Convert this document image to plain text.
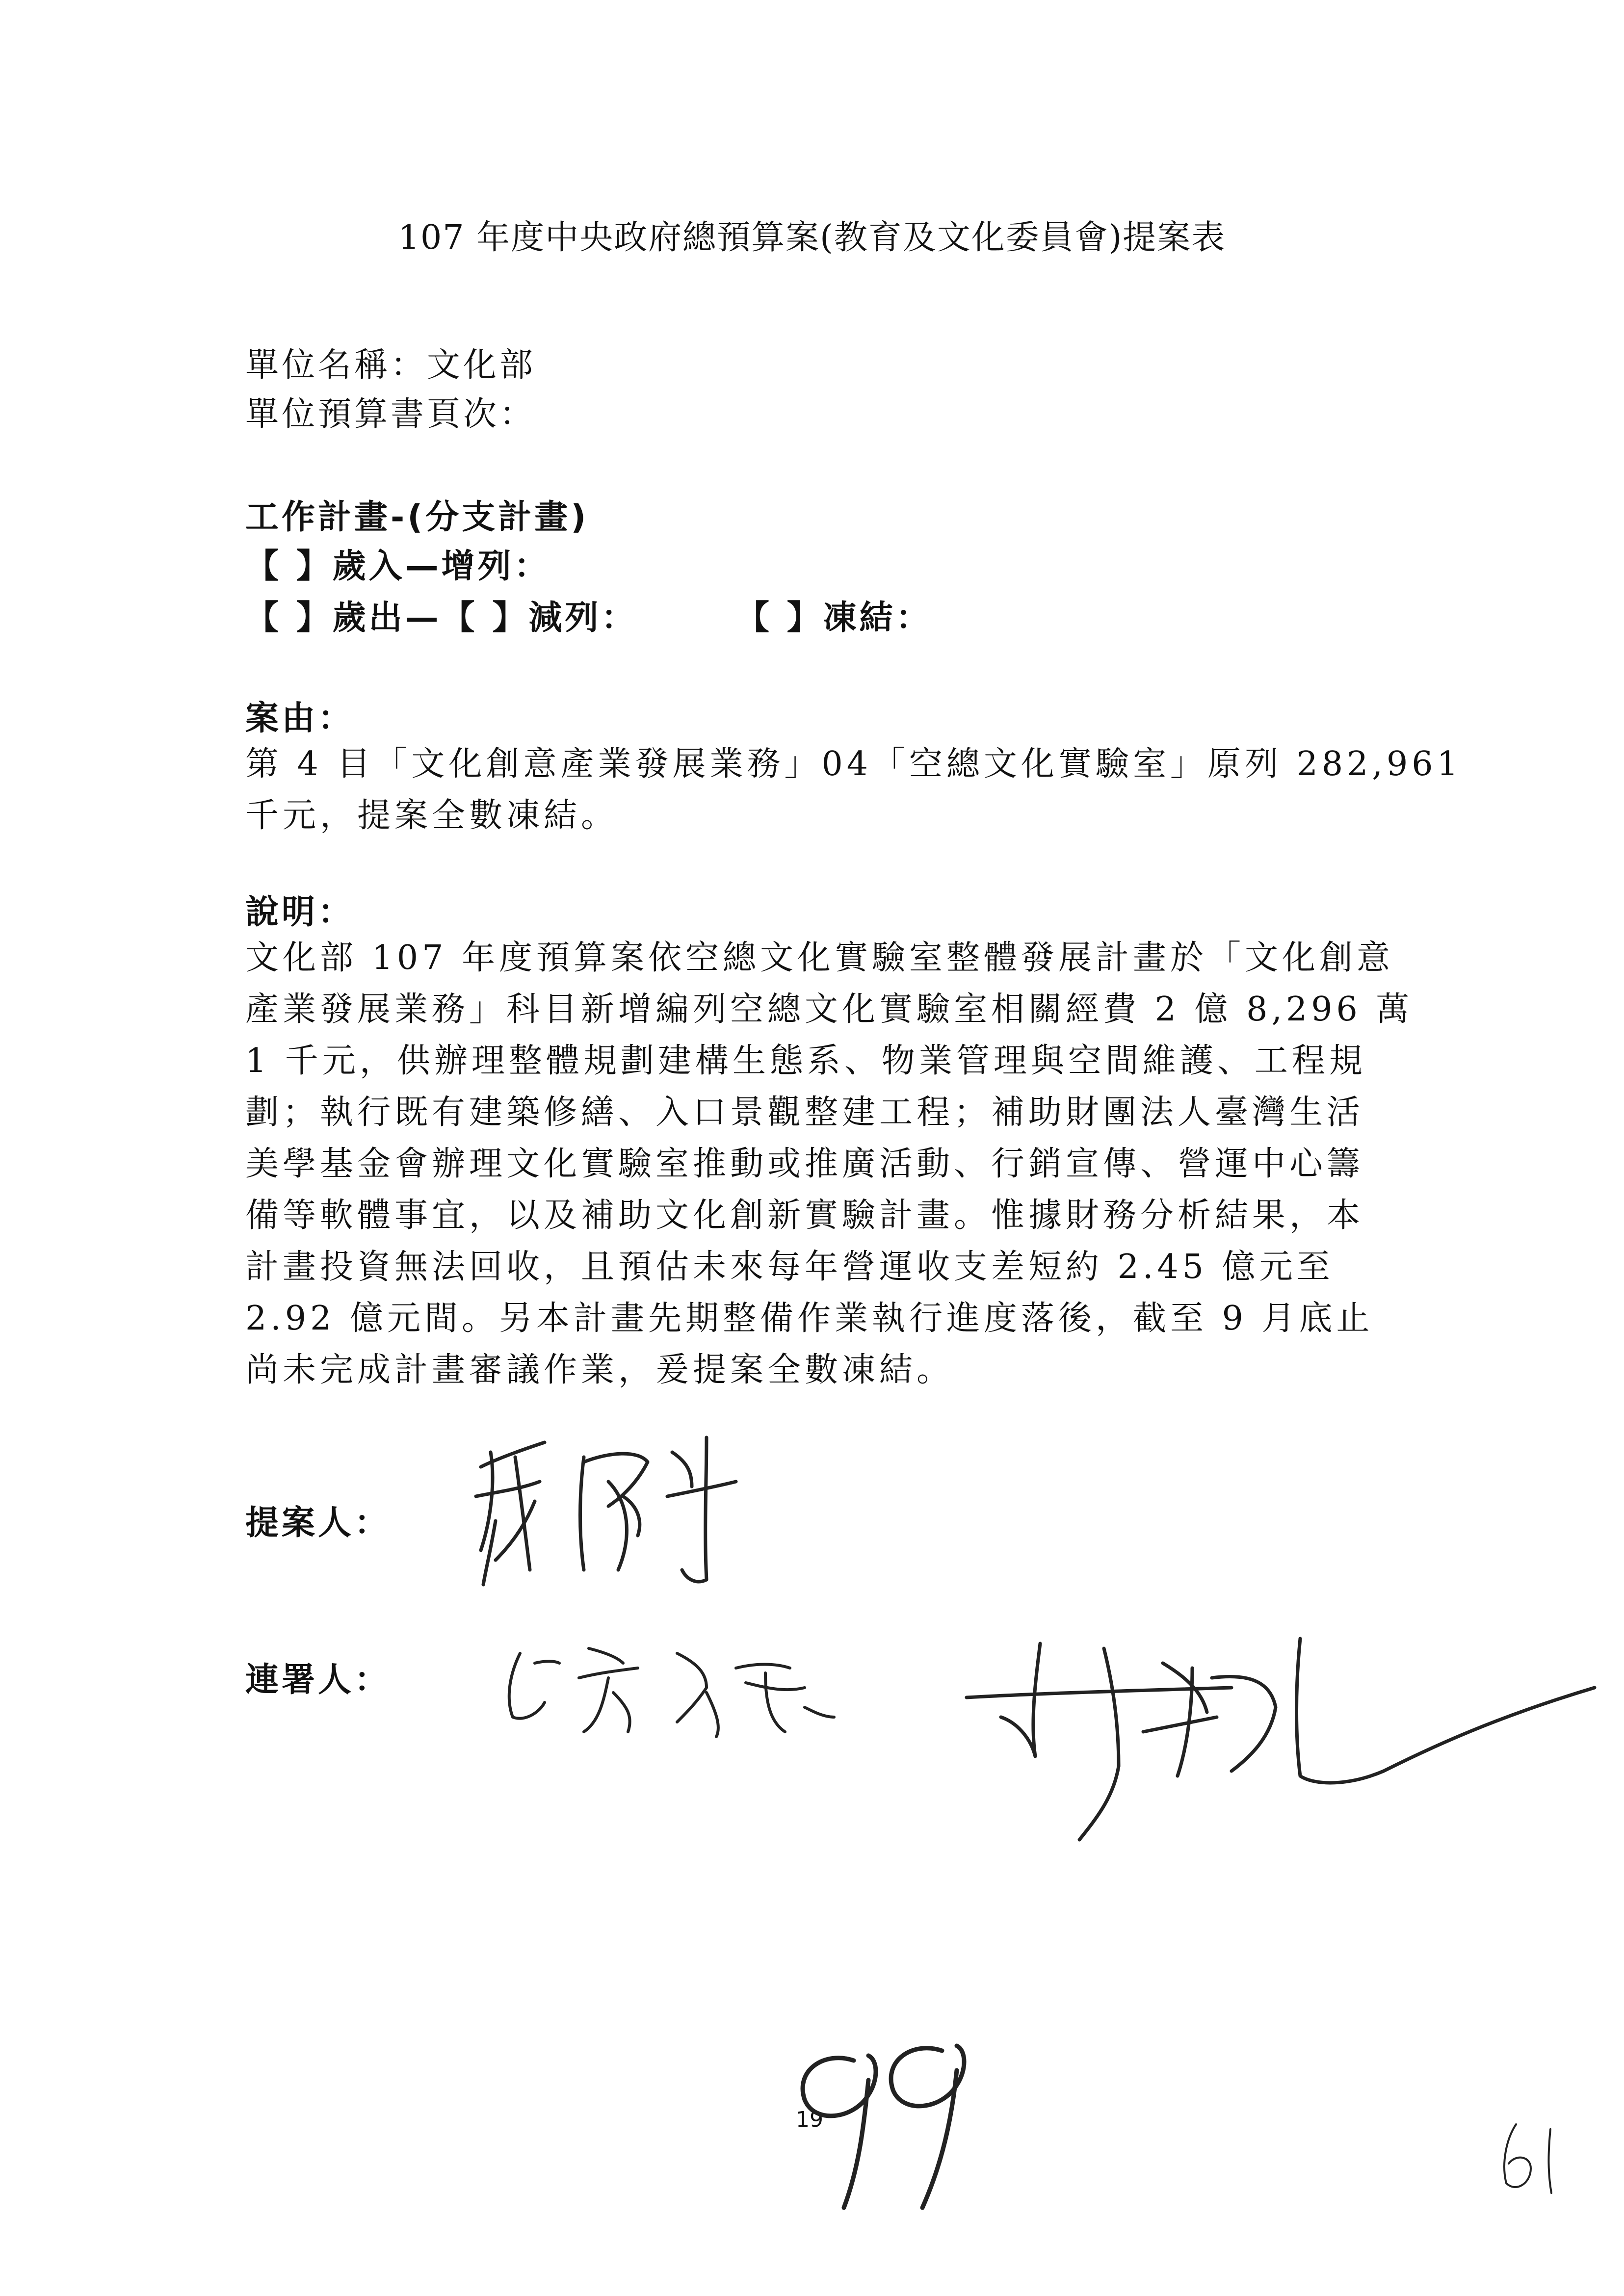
107 年度中央政府總預算案(教育及文化委員會)提案表
單位名稱：文化部
單位預算書頁次：
工作計畫-(分支計畫)
【 】歲入—增列：
【 】歲出—【 】減列：	【 】凍結：
案由：
第 4 目「文化創意產業發展業務」04「空總文化實驗室」原列 282,961
千元，提案全數凍結。
說明：
文化部 107 年度預算案依空總文化實驗室整體發展計畫於「文化創意
產業發展業務」科目新增編列空總文化實驗室相關經費 2 億 8,296 萬
1 千元，供辦理整體規劃建構生態系、物業管理與空間維護、工程規
劃；執行既有建築修繕、入口景觀整建工程；補助財團法人臺灣生活
美學基金會辦理文化實驗室推動或推廣活動、行銷宣傳、營運中心籌
備等軟體事宜，以及補助文化創新實驗計畫。惟據財務分析結果，本
計畫投資無法回收，且預估未來每年營運收支差短約 2.45 億元至
2.92 億元間。另本計畫先期整備作業執行進度落後，截至 9 月底止
尚未完成計畫審議作業，爰提案全數凍結。
提案人：
連署人：
19
